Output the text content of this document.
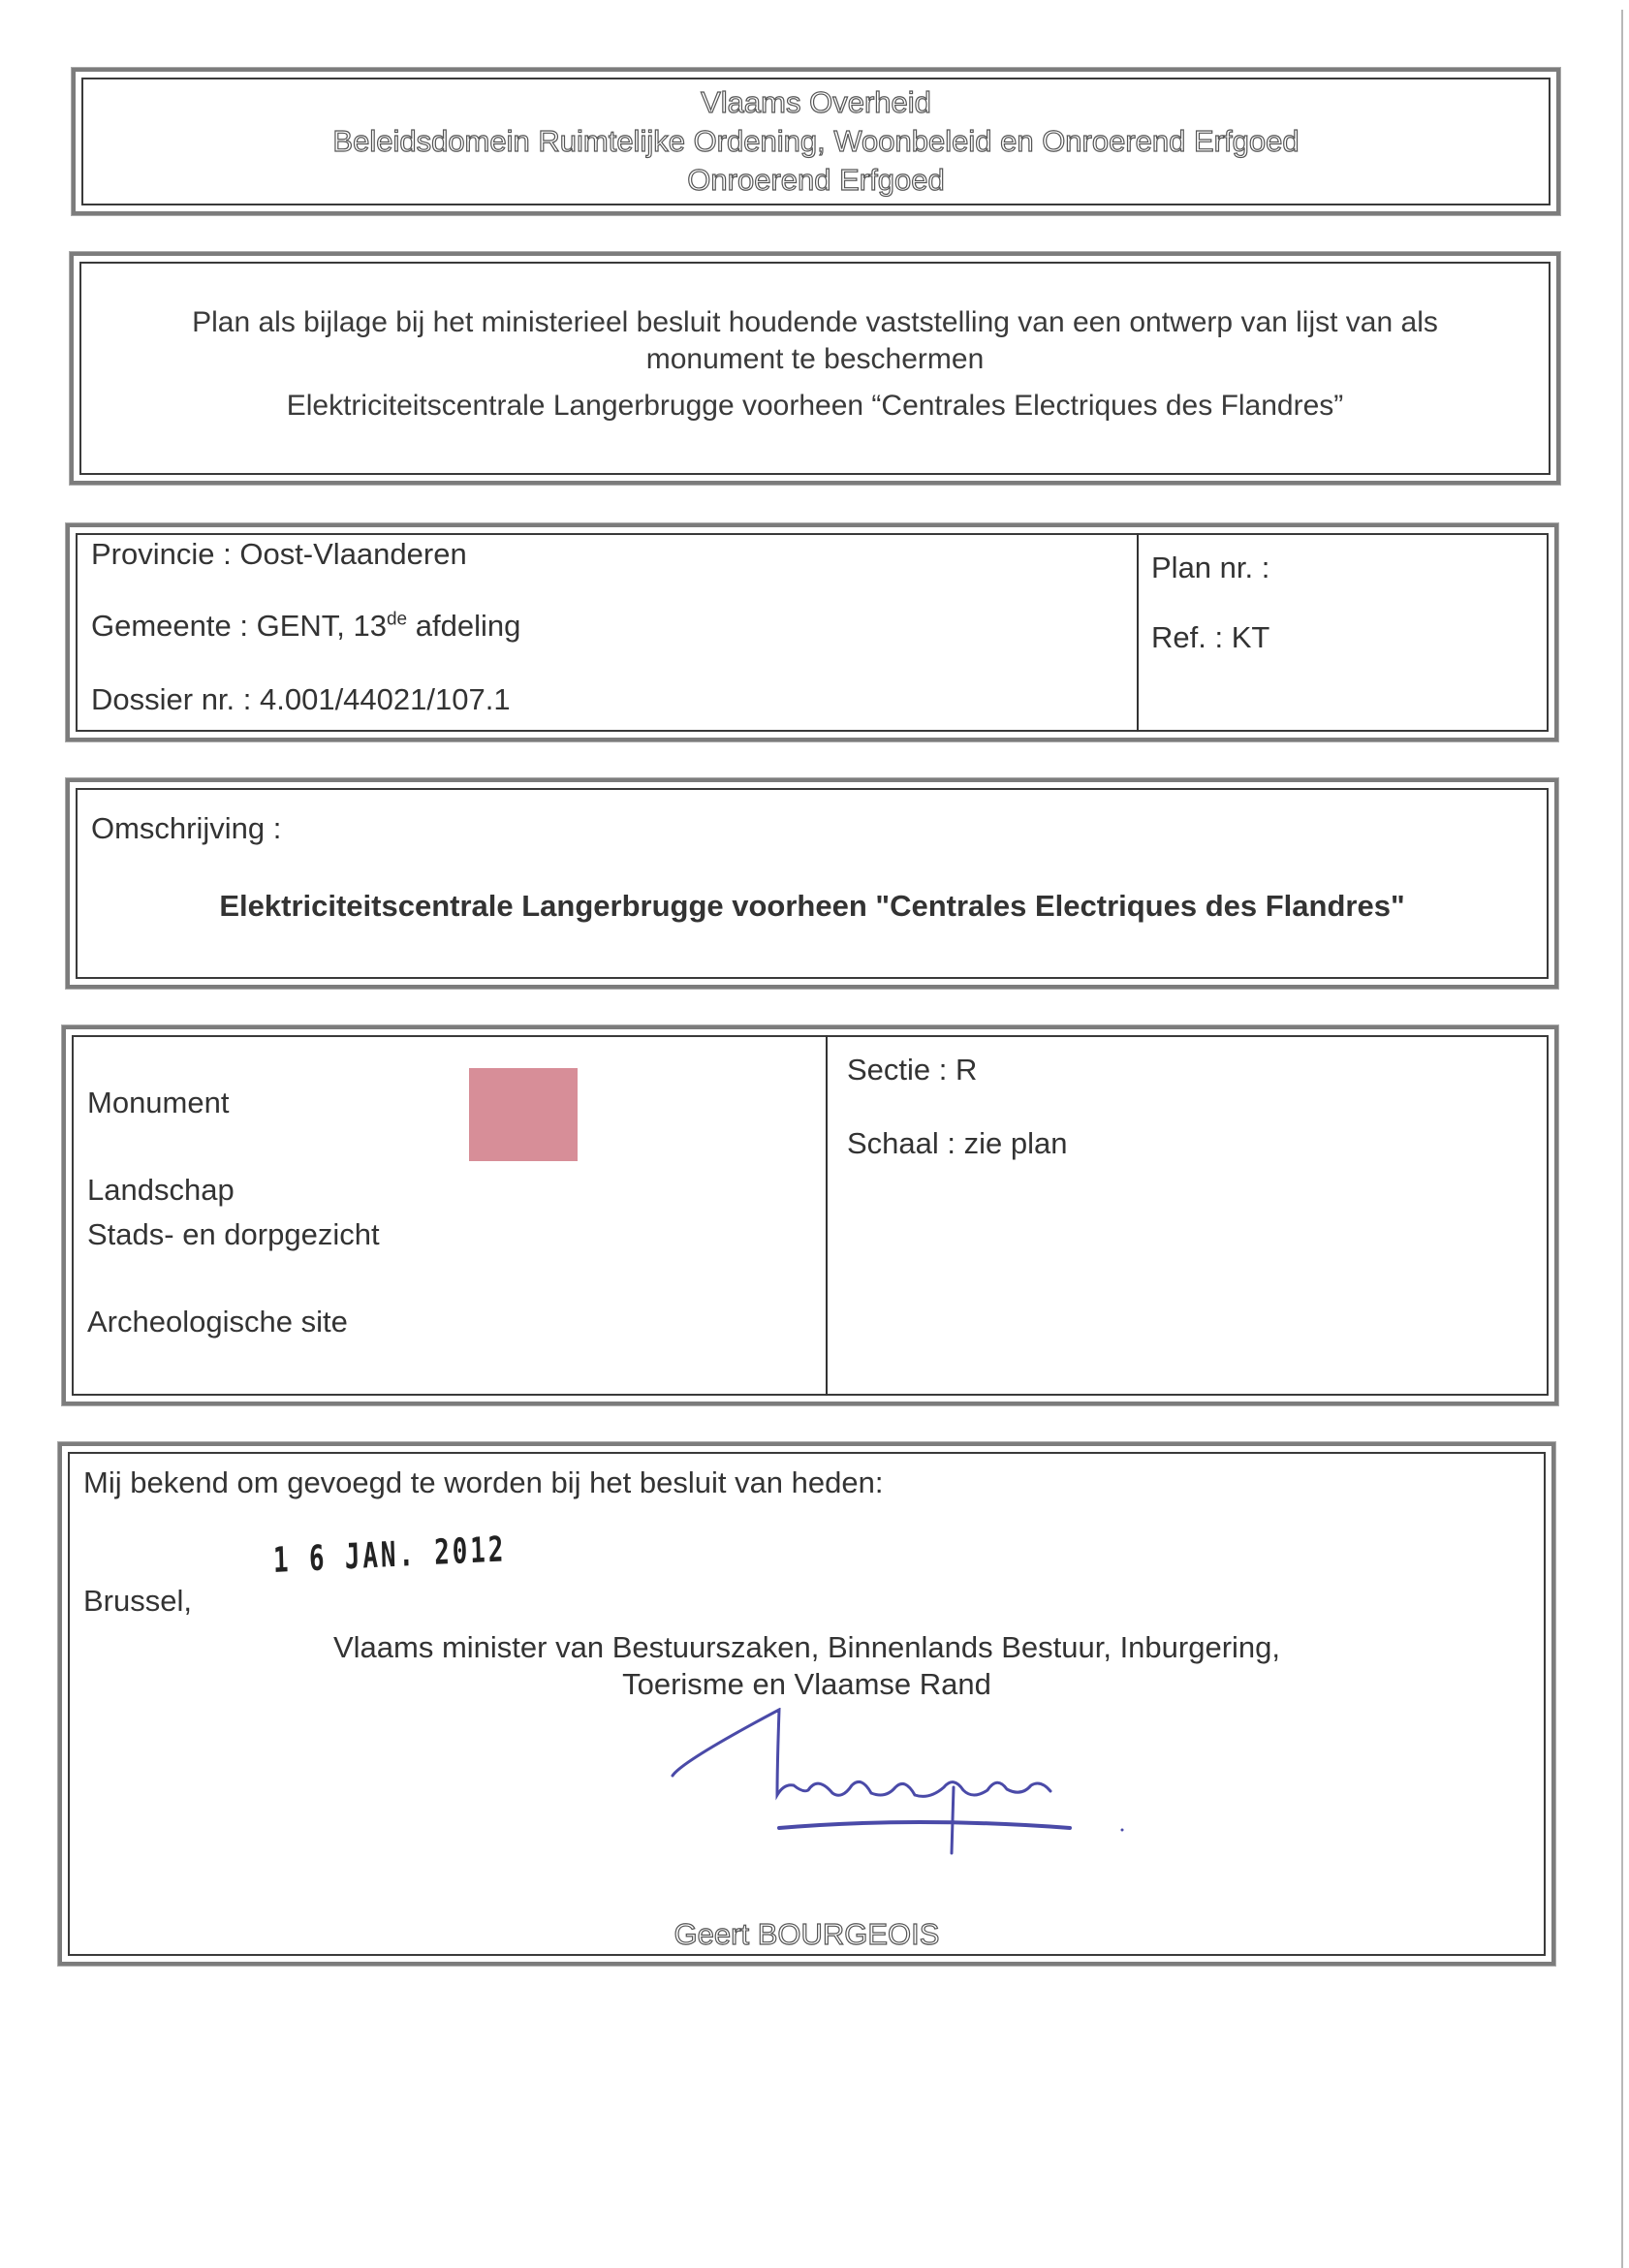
Vlaams Overheid
Beleidsdomein Ruimtelijke Ordening, Woonbeleid en Onroerend Erfgoed
Onroerend Erfgoed
Plan als bijlage bij het ministerieel besluit houdende vaststelling van een ontwerp van lijst van als
monument te beschermen
Elektriciteitscentrale Langerbrugge voorheen “Centrales Electriques des Flandres”
Provincie : Oost-Vlaanderen
Gemeente : GENT, 13de afdeling
Dossier nr. : 4.001/44021/107.1
Plan nr. :
Ref. : KT
Omschrijving :
Elektriciteitscentrale Langerbrugge voorheen "Centrales Electriques des Flandres"
Monument
Landschap
Stads- en dorpgezicht
Archeologische site
Sectie : R
Schaal : zie plan
Mij bekend om gevoegd te worden bij het besluit van heden:
1 6 JAN. 2012
Brussel,
Vlaams minister van Bestuurszaken, Binnenlands Bestuur, Inburgering,
Toerisme en Vlaamse Rand
Geert BOURGEOIS
